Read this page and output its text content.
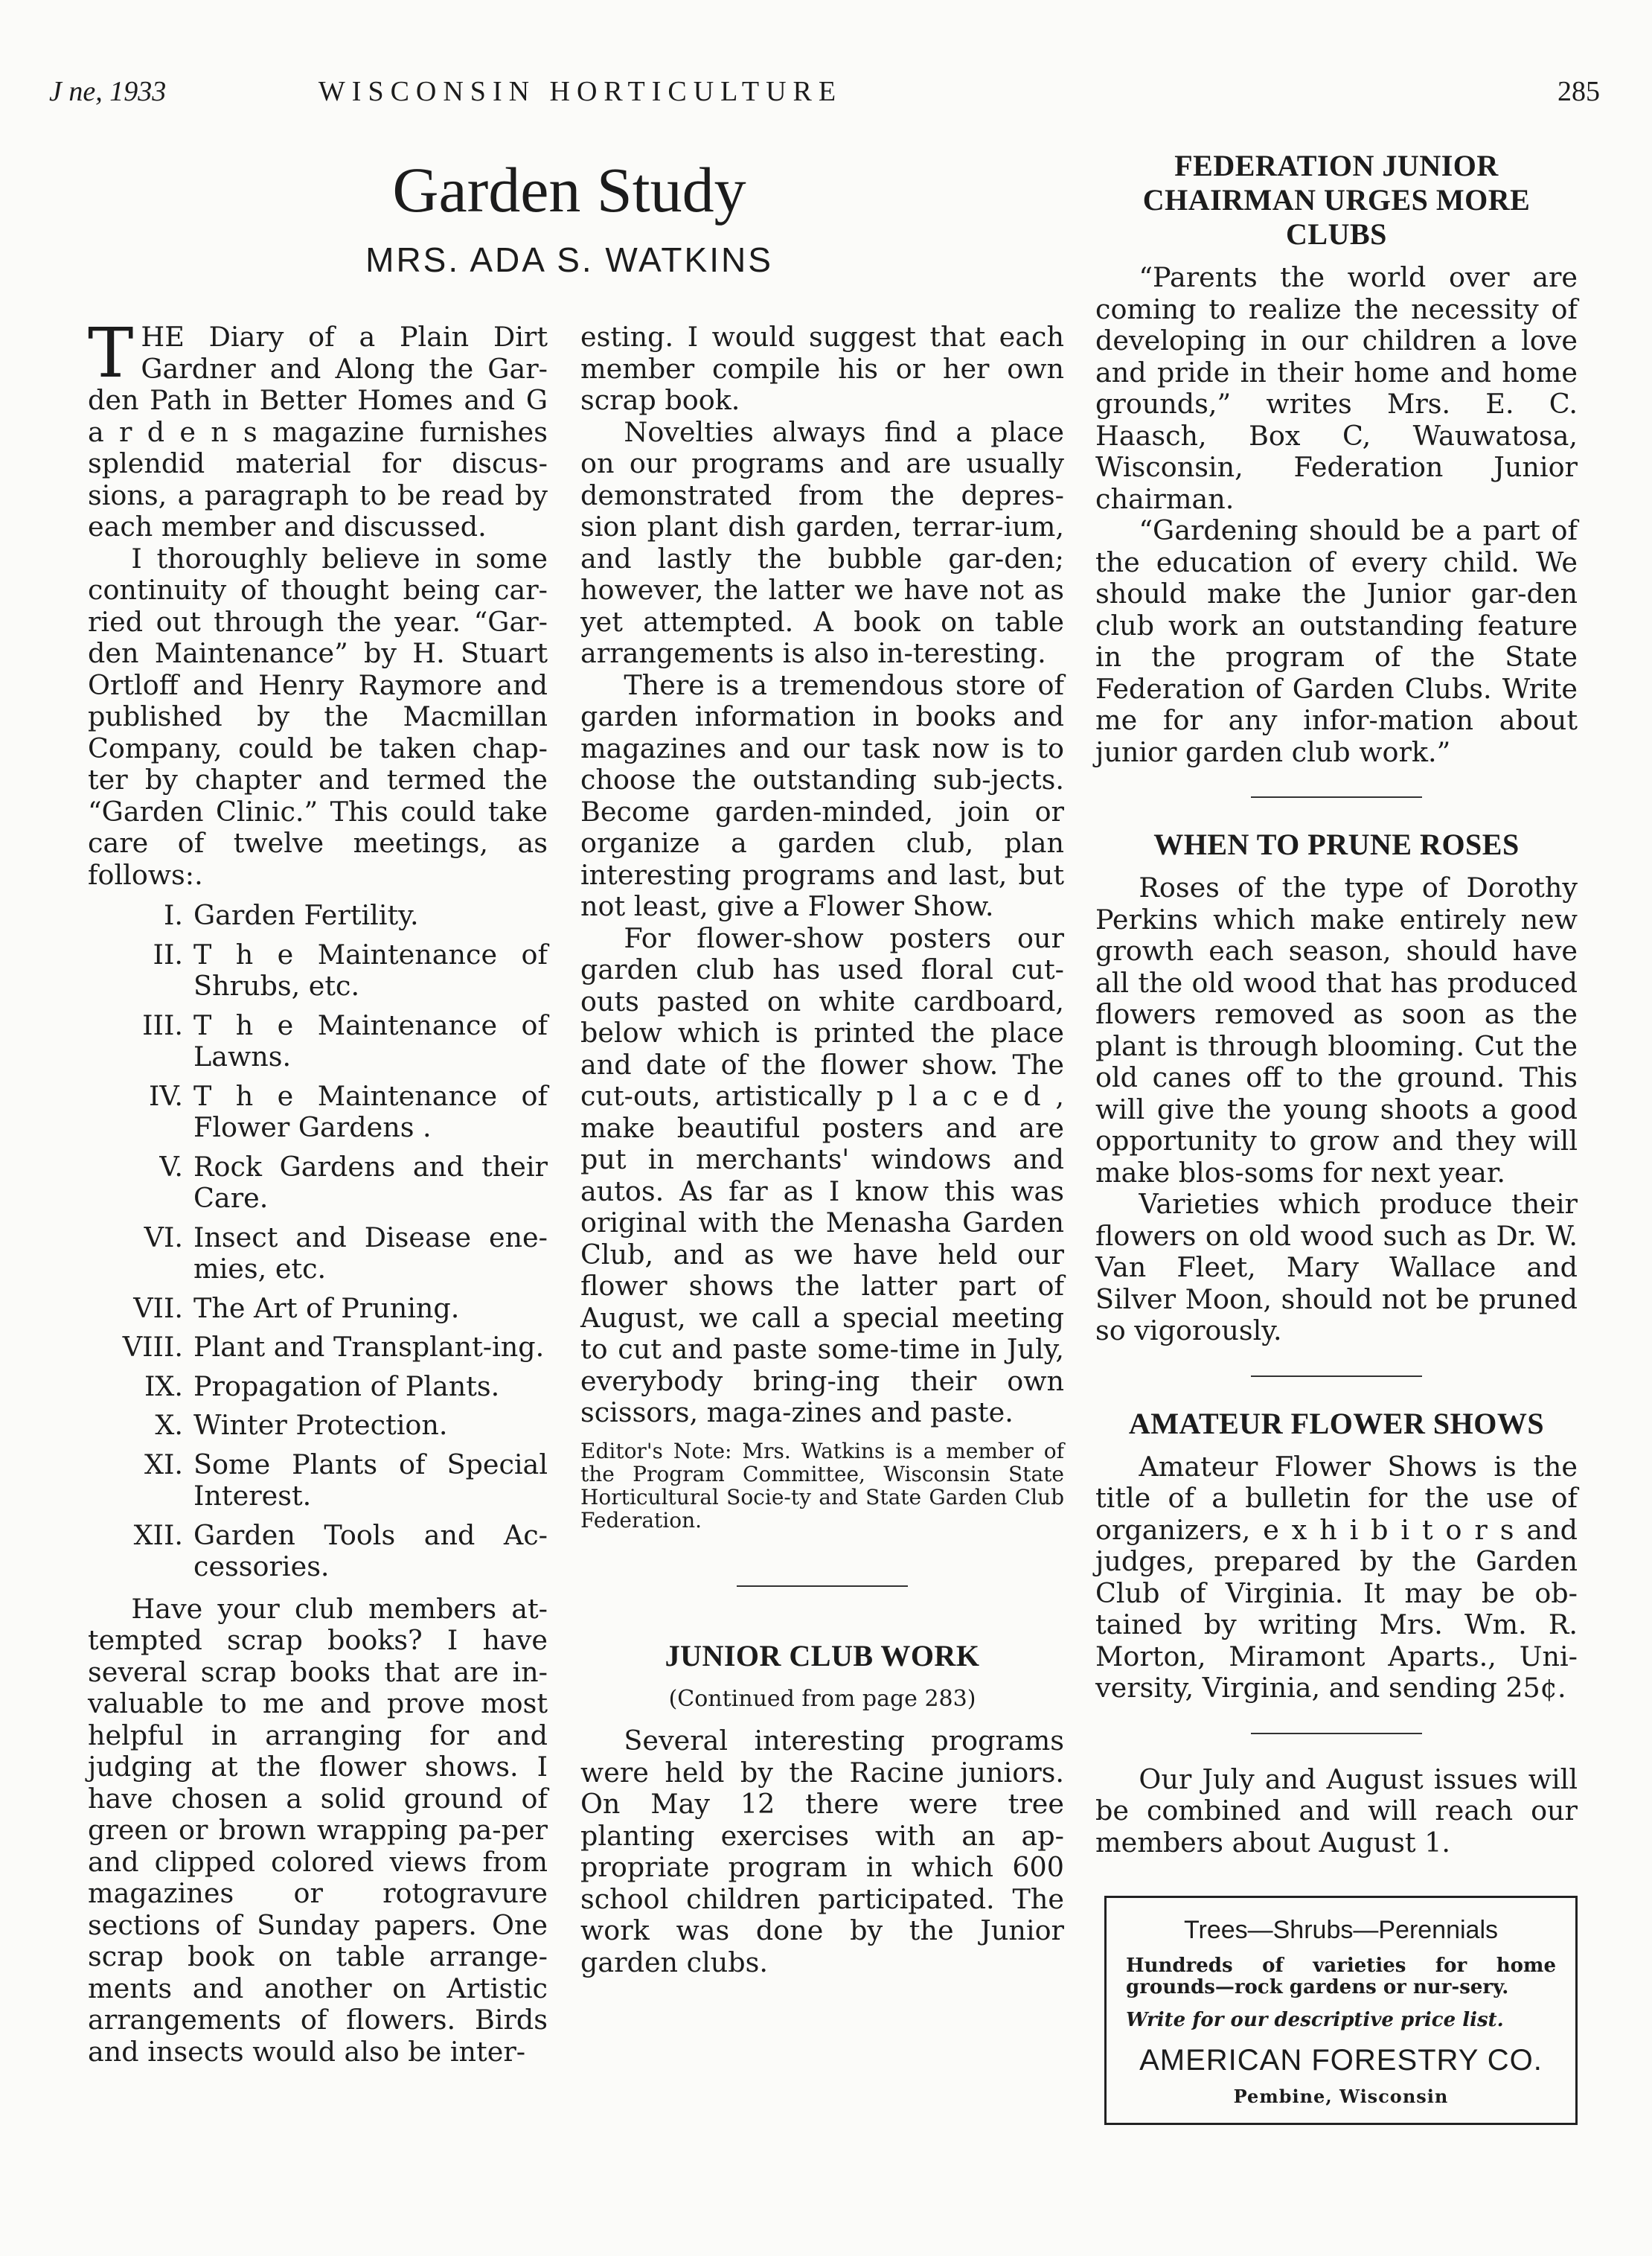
J ne, 1933	WISCONSIN HORTICULTURE	285
Garden Study
MRS. ADA S. WATKINS

THE Diary of a Plain Dirt Gardner and Along the Gar-den Path in Better Homes and G a r d e n s magazine furnishes splendid material for discus-sions, a paragraph to be read by each member and discussed.

I thoroughly believe in some continuity of thought being car-ried out through the year. “Gar-den Maintenance” by H. Stuart Ortloff and Henry Raymore and published by the Macmillan Company, could be taken chap-ter by chapter and termed the “Garden Clinic.” This could take care of twelve meetings, as follows:.

I. Garden Fertility.
II. T h e Maintenance of Shrubs, etc.
III. T h e Maintenance of Lawns.
IV. T h e Maintenance of Flower Gardens .
V. Rock Gardens and their Care.
VI. Insect and Disease ene-mies, etc.
VII. The Art of Pruning.
VIII. Plant and Transplant-ing.
IX. Propagation of Plants.
X. Winter Protection.
XI. Some Plants of Special Interest.
XII. Garden Tools and Ac-cessories.

Have your club members at-tempted scrap books? I have several scrap books that are in-valuable to me and prove most helpful in arranging for and judging at the flower shows. I have chosen a solid ground of green or brown wrapping pa-per and clipped colored views from magazines or rotogravure sections of Sunday papers. One scrap book on table arrange-ments and another on Artistic arrangements of flowers. Birds and insects would also be inter-

esting. I would suggest that each member compile his or her own scrap book.

Novelties always find a place on our programs and are usually demonstrated from the depres-sion plant dish garden, terrar-ium, and lastly the bubble gar-den; however, the latter we have not as yet attempted. A book on table arrangements is also in-teresting.

There is a tremendous store of garden information in books and magazines and our task now is to choose the outstanding sub-jects. Become garden-minded, join or organize a garden club, plan interesting programs and last, but not least, give a Flower Show.

For flower-show posters our garden club has used floral cut-outs pasted on white cardboard, below which is printed the place and date of the flower show. The cut-outs, artistically p l a c e d , make beautiful posters and are put in merchants' windows and autos. As far as I know this was original with the Menasha Garden Club, and as we have held our flower shows the latter part of August, we call a special meeting to cut and paste some-time in July, everybody bring-ing their own scissors, maga-zines and paste.

Editor's Note: Mrs. Watkins is a member of the Program Committee, Wisconsin State Horticultural Socie-ty and State Garden Club Federation.

JUNIOR CLUB WORK
(Continued from page 283)

Several interesting programs were held by the Racine juniors. On May 12 there were tree planting exercises with an ap-propriate program in which 600 school children participated. The work was done by the Junior garden clubs.

FEDERATION JUNIOR CHAIRMAN URGES MORE CLUBS

“Parents the world over are coming to realize the necessity of developing in our children a love and pride in their home and home grounds,” writes Mrs. E. C. Haasch, Box C, Wauwatosa, Wisconsin, Federation Junior chairman.

“Gardening should be a part of the education of every child. We should make the Junior gar-den club work an outstanding feature in the program of the State Federation of Garden Clubs. Write me for any infor-mation about junior garden club work.”

WHEN TO PRUNE ROSES

Roses of the type of Dorothy Perkins which make entirely new growth each season, should have all the old wood that has produced flowers removed as soon as the plant is through blooming. Cut the old canes off to the ground. This will give the young shoots a good opportunity to grow and they will make blos-soms for next year.

Varieties which produce their flowers on old wood such as Dr. W. Van Fleet, Mary Wallace and Silver Moon, should not be pruned so vigorously.

AMATEUR FLOWER SHOWS

Amateur Flower Shows is the title of a bulletin for the use of organizers, e x h i b i t o r s and judges, prepared by the Garden Club of Virginia. It may be ob-tained by writing Mrs. Wm. R. Morton, Miramont Aparts., Uni-versity, Virginia, and sending 25¢.

Our July and August issues will be combined and will reach our members about August 1.

Trees—Shrubs—Perennials
Hundreds of varieties for home grounds—rock gardens or nur-sery.
Write for our descriptive price list.
AMERICAN FORESTRY CO.
Pembine, Wisconsin
